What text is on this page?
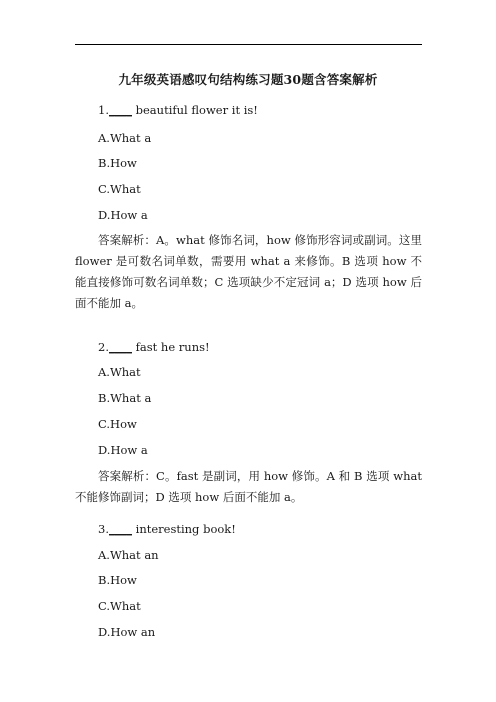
九年级英语感叹句结构练习题30题含答案解析
1.____ beautiful flower it is!
A.What a
B.How
C.What
D.How a
答案解析：A。what 修饰名词，how 修饰形容词或副词。这里 flower 是可数名词单数，需要用 what a 来修饰。B 选项 how 不能直接修饰可数名词单数；C 选项缺少不定冠词 a；D 选项 how 后面不能加 a。
2.____ fast he runs!
A.What
B.What a
C.How
D.How a
答案解析：C。fast 是副词，用 how 修饰。A 和 B 选项 what 不能修饰副词；D 选项 how 后面不能加 a。
3.____ interesting book!
A.What an
B.How
C.What
D.How an
